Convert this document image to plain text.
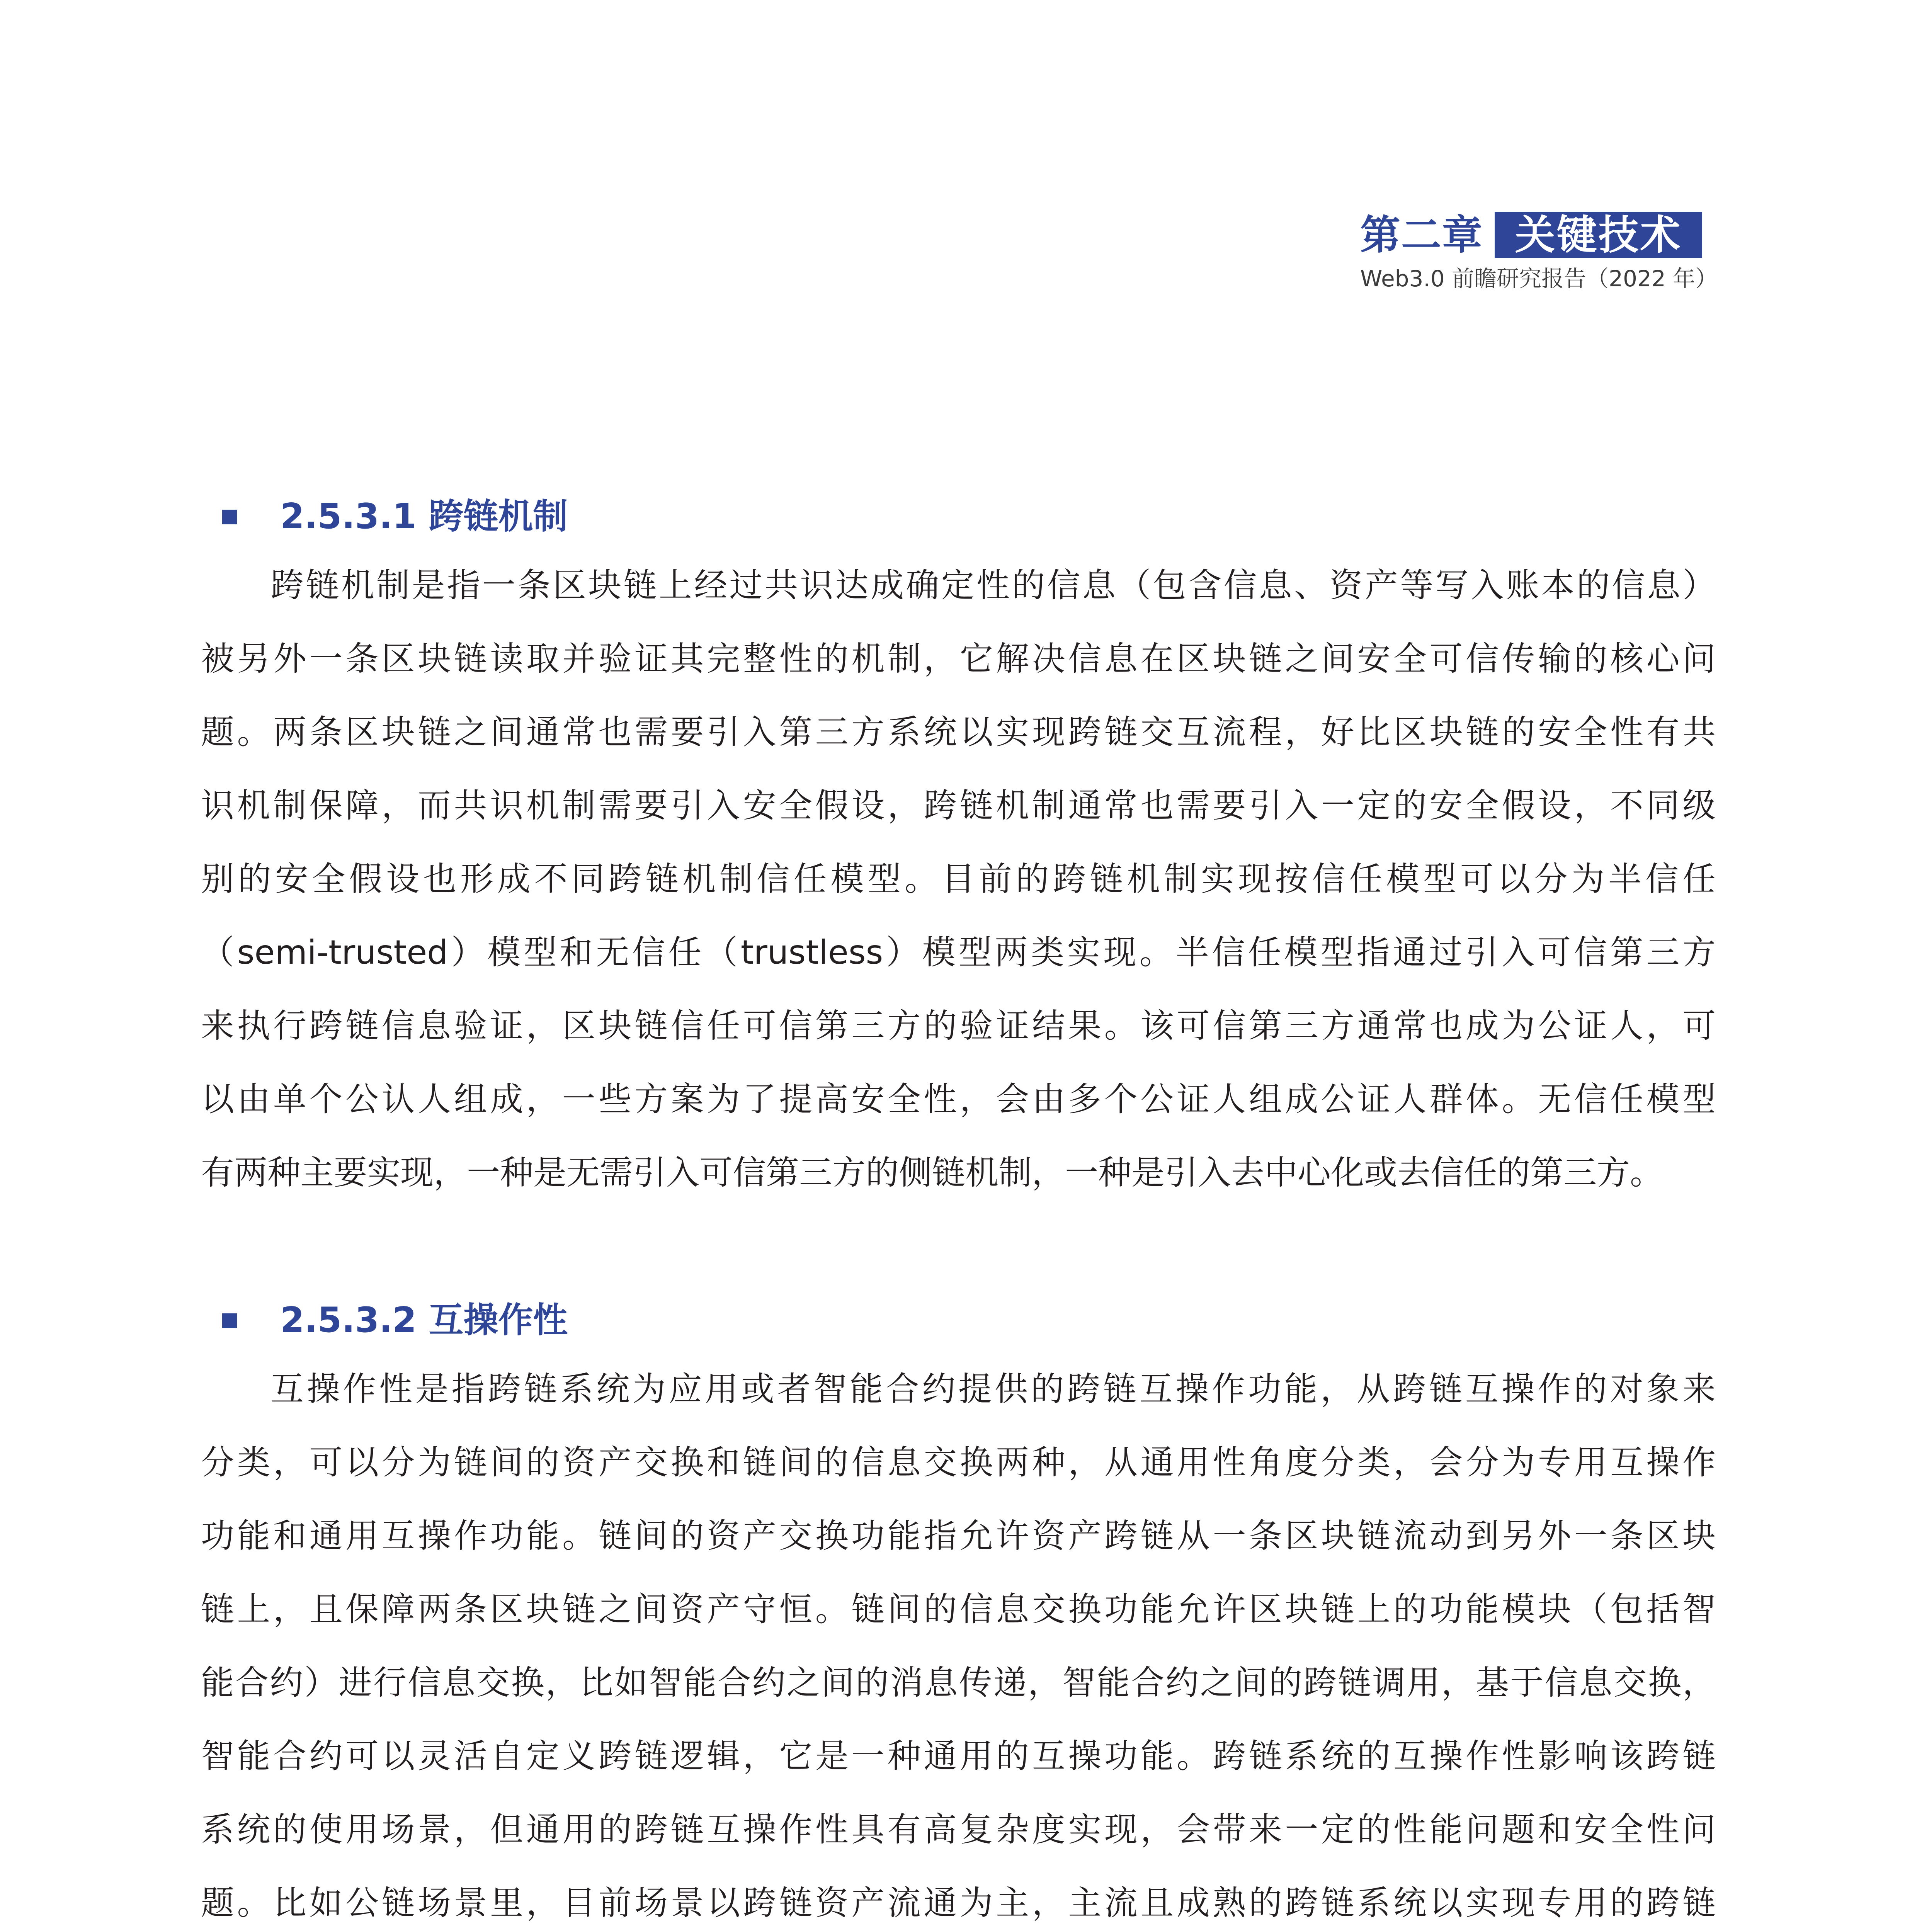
第二章 关键技术
Web3.0 前瞻研究报告（2022 年）
2.5.3.1 跨链机制
跨链机制是指一条区块链上经过共识达成确定性的信息（包含信息、资产等写入账本的信息）
被另外一条区块链读取并验证其完整性的机制，它解决信息在区块链之间安全可信传输的核心问
题。两条区块链之间通常也需要引入第三方系统以实现跨链交互流程，好比区块链的安全性有共
识机制保障，而共识机制需要引入安全假设，跨链机制通常也需要引入一定的安全假设，不同级
别的安全假设也形成不同跨链机制信任模型。目前的跨链机制实现按信任模型可以分为半信任
（semi-trusted）模型和无信任（trustless）模型两类实现。半信任模型指通过引入可信第三方
来执行跨链信息验证，区块链信任可信第三方的验证结果。该可信第三方通常也成为公证人，可
以由单个公认人组成，一些方案为了提高安全性，会由多个公证人组成公证人群体。无信任模型
有两种主要实现，一种是无需引入可信第三方的侧链机制，一种是引入去中心化或去信任的第三方。
2.5.3.2 互操作性
互操作性是指跨链系统为应用或者智能合约提供的跨链互操作功能，从跨链互操作的对象来
分类，可以分为链间的资产交换和链间的信息交换两种，从通用性角度分类，会分为专用互操作
功能和通用互操作功能。链间的资产交换功能指允许资产跨链从一条区块链流动到另外一条区块
链上，且保障两条区块链之间资产守恒。链间的信息交换功能允许区块链上的功能模块（包括智
能合约）进行信息交换，比如智能合约之间的消息传递，智能合约之间的跨链调用，基于信息交换，
智能合约可以灵活自定义跨链逻辑，它是一种通用的互操功能。跨链系统的互操作性影响该跨链
系统的使用场景，但通用的跨链互操作性具有高复杂度实现，会带来一定的性能问题和安全性问
题。比如公链场景里，目前场景以跨链资产流通为主，主流且成熟的跨链系统以实现专用的跨链
